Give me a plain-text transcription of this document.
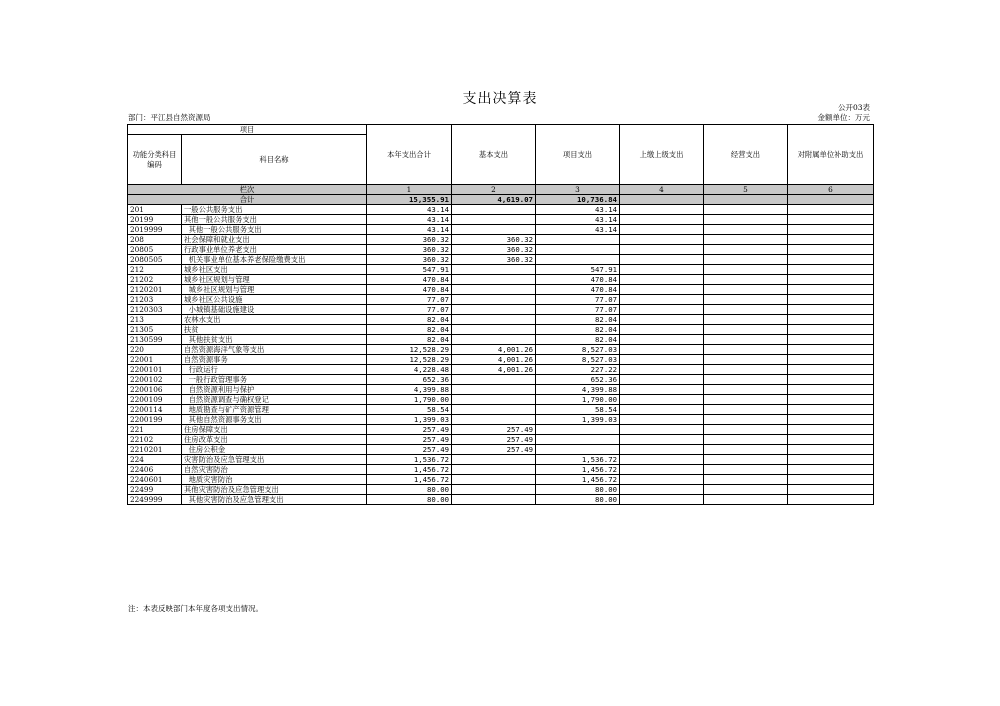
支出决算表
公开03表
部门：平江县自然资源局	金额单位：万元
项目		本年支出合计	基本支出	项目支出	上缴上级支出	经营支出	对附属单位补助支出
功能分类科目编码	科目名称						
栏次		1	2	3	4	5	6
合计		15,355.91	4,619.07	10,736.84			
201	一般公共服务支出	43.14		43.14			
20199	其他一般公共服务支出	43.14		43.14			
2019999	其他一般公共服务支出	43.14		43.14			
208	社会保障和就业支出	360.32	360.32				
20805	行政事业单位养老支出	360.32	360.32				
2080505	机关事业单位基本养老保险缴费支出	360.32	360.32				
212	城乡社区支出	547.91		547.91			
21202	城乡社区规划与管理	470.84		470.84			
2120201	城乡社区规划与管理	470.84		470.84			
21203	城乡社区公共设施	77.07		77.07			
2120303	小城镇基础设施建设	77.07		77.07			
213	农林水支出	82.04		82.04			
21305	扶贫	82.04		82.04			
2130599	其他扶贫支出	82.04		82.04			
220	自然资源海洋气象等支出	12,528.29	4,001.26	8,527.03			
22001	自然资源事务	12,528.29	4,001.26	8,527.03			
2200101	行政运行	4,228.48	4,001.26	227.22			
2200102	一般行政管理事务	652.36		652.36			
2200106	自然资源利用与保护	4,399.88		4,399.88			
2200109	自然资源调查与确权登记	1,790.00		1,790.00			
2200114	地质勘查与矿产资源管理	58.54		58.54			
2200199	其他自然资源事务支出	1,399.03		1,399.03			
221	住房保障支出	257.49	257.49				
22102	住房改革支出	257.49	257.49				
2210201	住房公积金	257.49	257.49				
224	灾害防治及应急管理支出	1,536.72		1,536.72			
22406	自然灾害防治	1,456.72		1,456.72			
2240601	地质灾害防治	1,456.72		1,456.72			
22499	其他灾害防治及应急管理支出	80.00		80.00			
2249999	其他灾害防治及应急管理支出	80.00		80.00			
注：本表反映部门本年度各项支出情况。
